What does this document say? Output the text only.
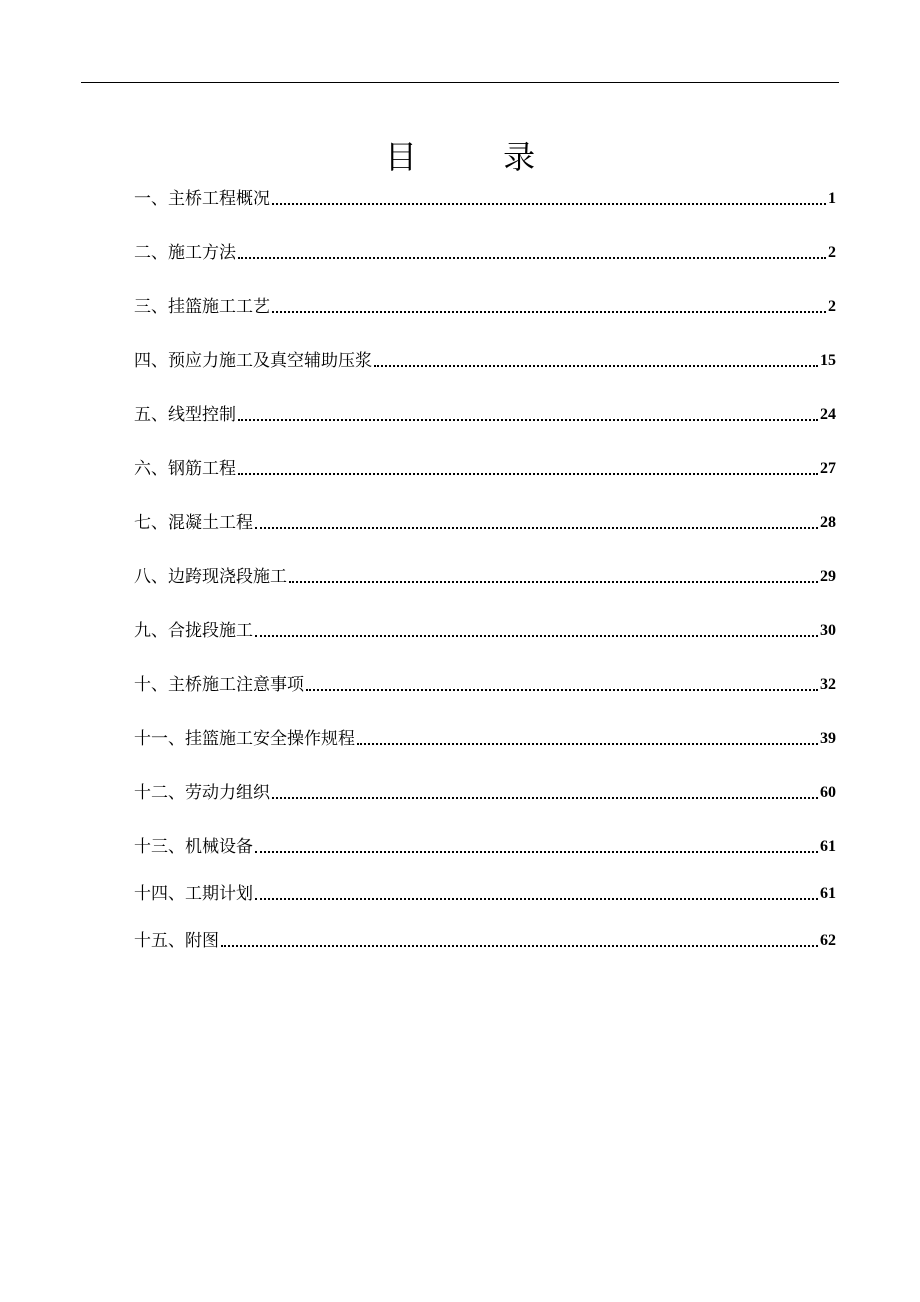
目 录
一、主桥工程概况	1
二、施工方法	2
三、挂篮施工工艺	2
四、预应力施工及真空辅助压浆	15
五、线型控制	24
六、钢筋工程	27
七、混凝土工程	28
八、边跨现浇段施工	29
九、合拢段施工	30
十、主桥施工注意事项	32
十一、挂篮施工安全操作规程	39
十二、劳动力组织	60
十三、机械设备	61
十四、工期计划	61
十五、附图	62
